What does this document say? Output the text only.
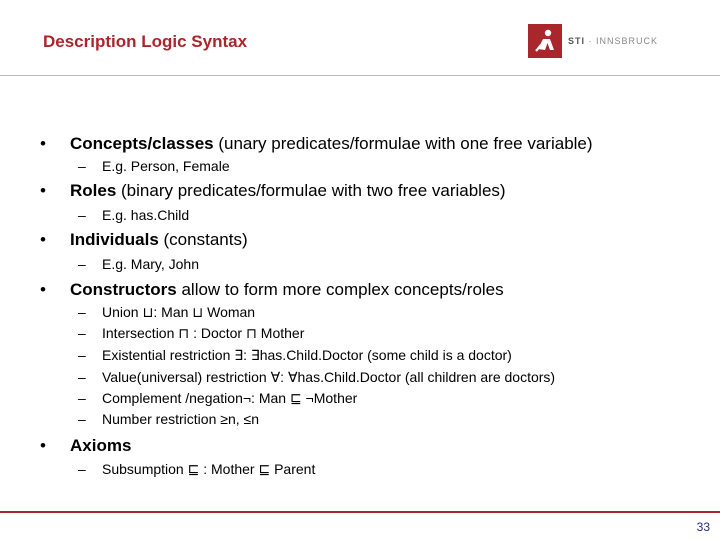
Description Logic Syntax	STI · INNSBRUCK
• Concepts/classes (unary predicates/formulae with one free variable)
– E.g. Person, Female
• Roles (binary predicates/formulae with two free variables)
– E.g. has.Child
• Individuals (constants)
– E.g. Mary, John
• Constructors allow to form more complex concepts/roles
– Union ⊔: Man ⊔ Woman
– Intersection ⊓ : Doctor ⊓ Mother
– Existential restriction ∃: ∃has.Child.Doctor (some child is a doctor)
– Value(universal) restriction ∀: ∀has.Child.Doctor (all children are doctors)
– Complement /negation¬: Man ⊑ ¬Mother
– Number restriction ≥n, ≤n
• Axioms
– Subsumption ⊑ : Mother ⊑ Parent
33
